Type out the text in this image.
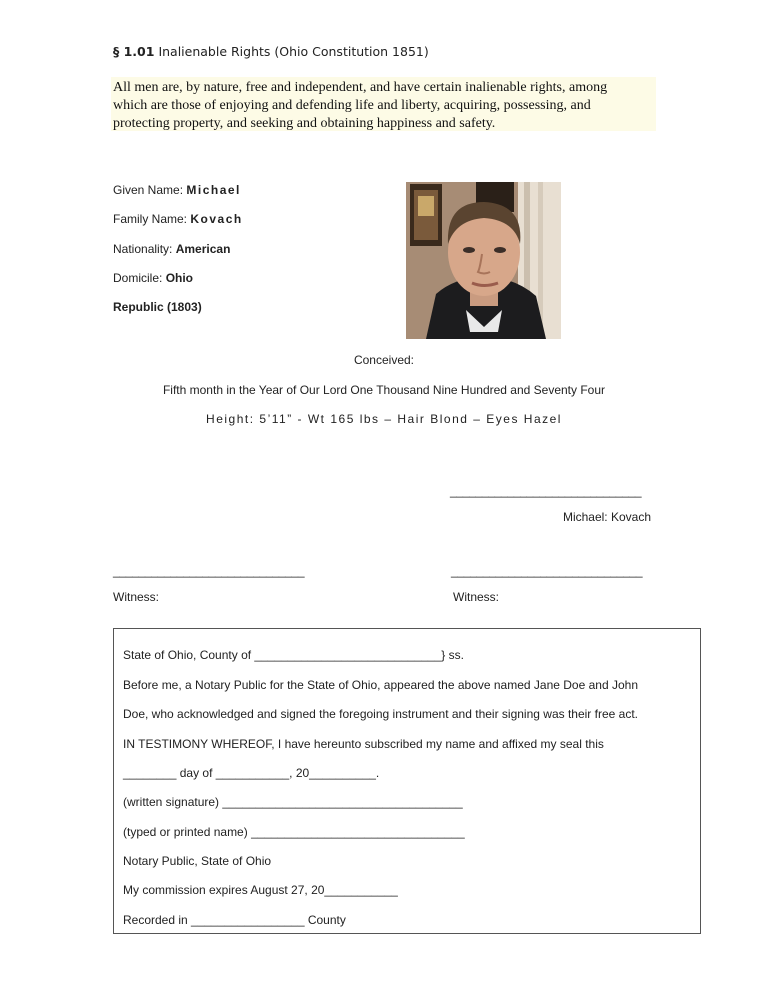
§ 1.01 Inalienable Rights (Ohio Constitution 1851)
All men are, by nature, free and independent, and have certain inalienable rights, among
which are those of enjoying and defending life and liberty, acquiring, possessing, and
protecting property, and seeking and obtaining happiness and safety.
Given Name: Michael
Family Name: Kovach
Nationality: American
Domicile: Ohio
Republic (1803)
Conceived:
Fifth month in the Year of Our Lord One Thousand Nine Hundred and Seventy Four
Height: 5’11” - Wt 165 lbs – Hair Blond – Eyes Hazel
______________________________
Michael: Kovach
______________________________	______________________________
Witness:	Witness:
State of Ohio, County of ____________________________} ss.
Before me, a Notary Public for the State of Ohio, appeared the above named Jane Doe and John
Doe, who acknowledged and signed the foregoing instrument and their signing was their free act.
IN TESTIMONY WHEREOF, I have hereunto subscribed my name and affixed my seal this
________ day of ___________, 20__________.
(written signature) ____________________________________
(typed or printed name) ________________________________
Notary Public, State of Ohio
My commission expires August 27, 20___________
Recorded in _________________ County
